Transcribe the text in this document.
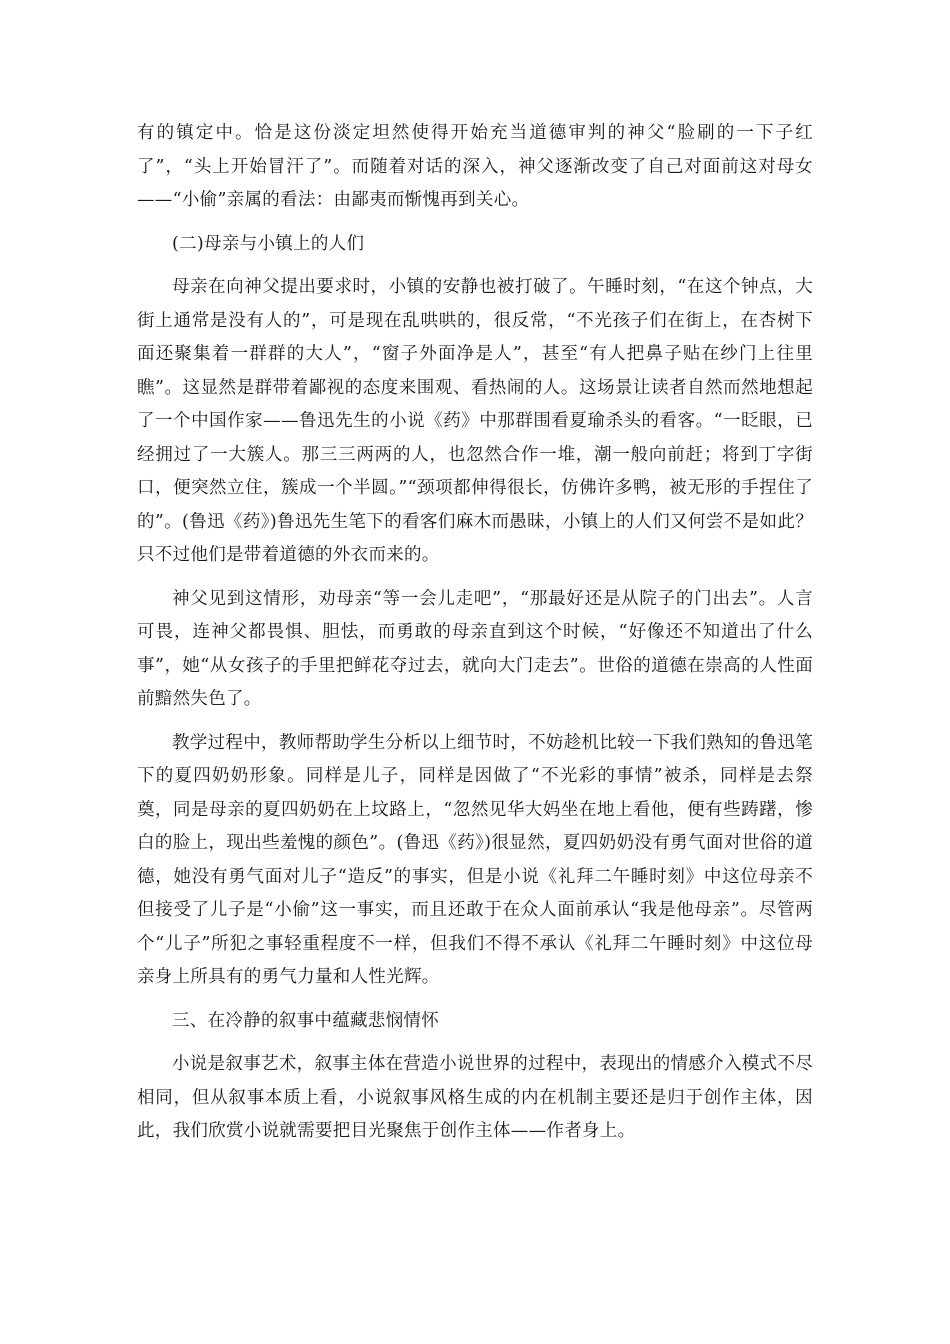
有的镇定中。恰是这份淡定坦然使得开始充当道德审判的神父“脸刷的一下子红了”，“头上开始冒汗了”。而随着对话的深入，神父逐渐改变了自己对面前这对母女——“小偷”亲属的看法：由鄙夷而惭愧再到关心。

(二)母亲与小镇上的人们

母亲在向神父提出要求时，小镇的安静也被打破了。午睡时刻，“在这个钟点，大街上通常是没有人的”，可是现在乱哄哄的，很反常，“不光孩子们在街上，在杏树下面还聚集着一群群的大人”，“窗子外面净是人”，甚至“有人把鼻子贴在纱门上往里瞧”。这显然是群带着鄙视的态度来围观、看热闹的人。这场景让读者自然而然地想起了一个中国作家——鲁迅先生的小说《药》中那群围看夏瑜杀头的看客。“一眨眼，已经拥过了一大簇人。那三三两两的人，也忽然合作一堆，潮一般向前赶；将到丁字街口，便突然立住，簇成一个半圆。”“颈项都伸得很长，仿佛许多鸭，被无形的手捏住了的”。(鲁迅《药》)鲁迅先生笔下的看客们麻木而愚昧，小镇上的人们又何尝不是如此？只不过他们是带着道德的外衣而来的。

神父见到这情形，劝母亲“等一会儿走吧”，“那最好还是从院子的门出去”。人言可畏，连神父都畏惧、胆怯，而勇敢的母亲直到这个时候，“好像还不知道出了什么事”，她“从女孩子的手里把鲜花夺过去，就向大门走去”。世俗的道德在崇高的人性面前黯然失色了。

教学过程中，教师帮助学生分析以上细节时，不妨趁机比较一下我们熟知的鲁迅笔下的夏四奶奶形象。同样是儿子，同样是因做了“不光彩的事情”被杀，同样是去祭奠，同是母亲的夏四奶奶在上坟路上，“忽然见华大妈坐在地上看他，便有些踌躇，惨白的脸上，现出些羞愧的颜色”。(鲁迅《药》)很显然，夏四奶奶没有勇气面对世俗的道德，她没有勇气面对儿子“造反”的事实，但是小说《礼拜二午睡时刻》中这位母亲不但接受了儿子是“小偷”这一事实，而且还敢于在众人面前承认“我是他母亲”。尽管两个“儿子”所犯之事轻重程度不一样，但我们不得不承认《礼拜二午睡时刻》中这位母亲身上所具有的勇气力量和人性光辉。

三、在冷静的叙事中蕴藏悲悯情怀

小说是叙事艺术，叙事主体在营造小说世界的过程中，表现出的情感介入模式不尽相同，但从叙事本质上看，小说叙事风格生成的内在机制主要还是归于创作主体，因此，我们欣赏小说就需要把目光聚焦于创作主体——作者身上。
